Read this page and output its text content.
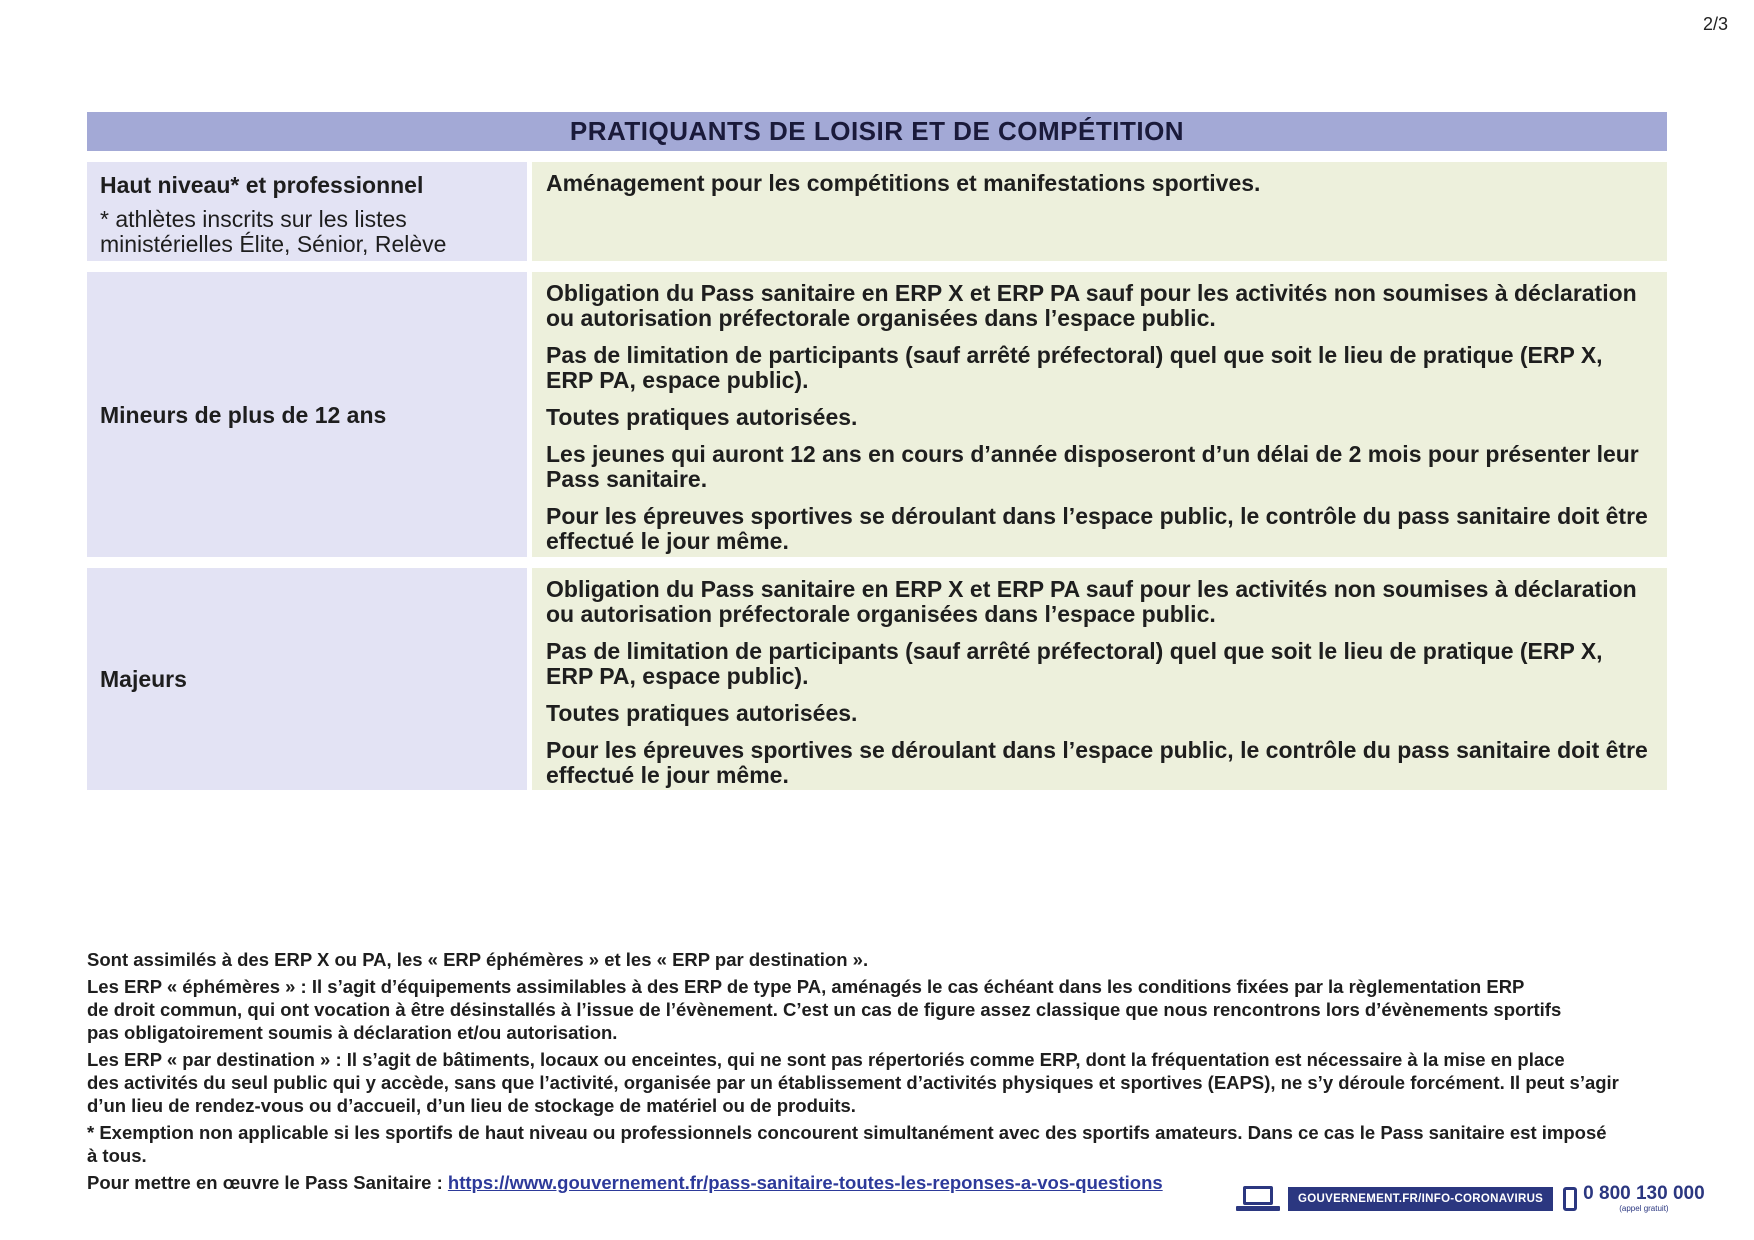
2/3
PRATIQUANTS DE LOISIR ET DE COMPÉTITION
Haut niveau* et professionnel
* athlètes inscrits sur les listes ministérielles Élite, Sénior, Relève
Aménagement pour les compétitions et manifestations sportives.
Mineurs de plus de 12 ans
Obligation du Pass sanitaire en ERP X et ERP PA sauf pour les activités non soumises à déclaration ou autorisation préfectorale organisées dans l’espace public.
Pas de limitation de participants (sauf arrêté préfectoral) quel que soit le lieu de pratique (ERP X, ERP PA, espace public).
Toutes pratiques autorisées.
Les jeunes qui auront 12 ans en cours d’année disposeront d’un délai de 2 mois pour présenter leur Pass sanitaire.
Pour les épreuves sportives se déroulant dans l’espace public, le contrôle du pass sanitaire doit être effectué le jour même.
Majeurs
Obligation du Pass sanitaire en ERP X et ERP PA sauf pour les activités non soumises à déclaration ou autorisation préfectorale organisées dans l’espace public.
Pas de limitation de participants (sauf arrêté préfectoral) quel que soit le lieu de pratique (ERP X, ERP PA, espace public).
Toutes pratiques autorisées.
Pour les épreuves sportives se déroulant dans l’espace public, le contrôle du pass sanitaire doit être effectué le jour même.

Sont assimilés à des ERP X ou PA, les « ERP éphémères » et les « ERP par destination ».

Les ERP « éphémères » : Il s’agit d’équipements assimilables à des ERP de type PA, aménagés le cas échéant dans les conditions fixées par la règlementation ERP
de droit commun, qui ont vocation à être désinstallés à l’issue de l’évènement. C’est un cas de figure assez classique que nous rencontrons lors d’évènements sportifs
pas obligatoirement soumis à déclaration et/ou autorisation.

Les ERP « par destination » : Il s’agit de bâtiments, locaux ou enceintes, qui ne sont pas répertoriés comme ERP, dont la fréquentation est nécessaire à la mise en place
des activités du seul public qui y accède, sans que l’activité, organisée par un établissement d’activités physiques et sportives (EAPS), ne s’y déroule forcément. Il peut s’agir
d’un lieu de rendez-vous ou d’accueil, d’un lieu de stockage de matériel ou de produits.

* Exemption non applicable si les sportifs de haut niveau ou professionnels concourent simultanément avec des sportifs amateurs. Dans ce cas le Pass sanitaire est imposé
à tous.

Pour mettre en œuvre le Pass Sanitaire : https://www.gouvernement.fr/pass-sanitaire-toutes-les-reponses-a-vos-questions

GOUVERNEMENT.FR/INFO-CORONAVIRUS	0 800 130 000
(appel gratuit)
